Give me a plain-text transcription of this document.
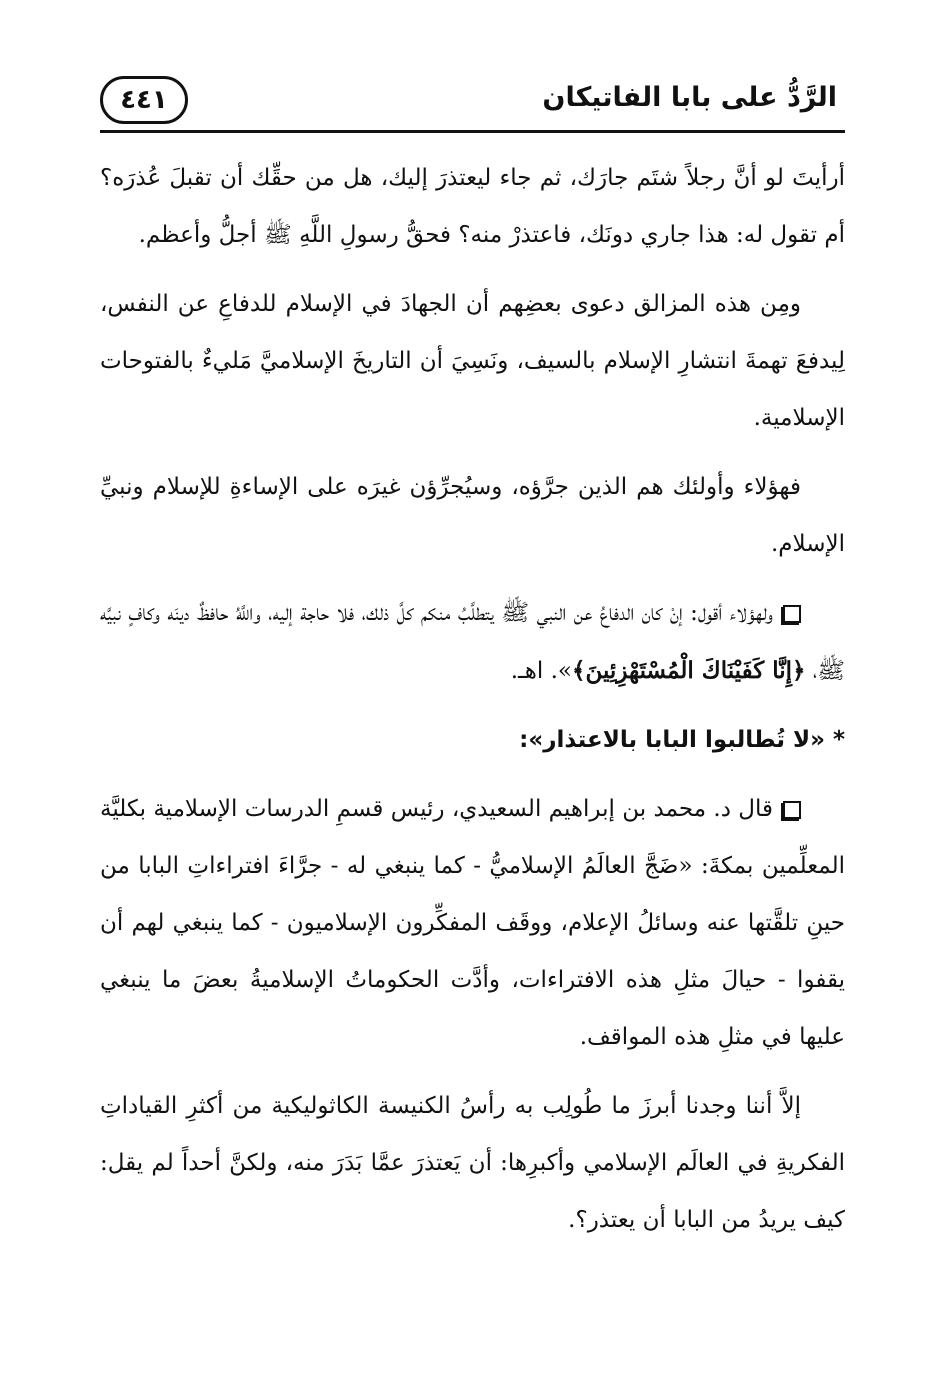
٤٤١	الرَّدُّ على بابا الفاتيكان

أرأيتَ لو أنَّ رجلاً شتَم جارَك، ثم جاء ليعتذرَ إليك، هل من حقِّك أن تقبلَ عُذرَه؟ أم تقول له: هذا جاري دونَك، فاعتذرْ منه؟ فحقُّ رسولِ اللَّهِ ﷺ أجلُّ وأعظم.

ومِن هذه المزالق دعوى بعضِهم أن الجهادَ في الإسلام للدفاعِ عن النفس، لِيدفعَ تهمةَ انتشارِ الإسلام بالسيف، ونَسِيَ أن التاريخَ الإسلاميَّ مَليءٌ بالفتوحات الإسلامية.

فهؤلاء وأولئك هم الذين جرَّؤه، وسيُجرِّؤن غيرَه على الإساءةِ للإسلام ونبيِّ الإسلام.

ولهؤلاء أقول: إنْ كان الدفاعُ عن النبي ﷺ يتطلَّبُ منكم كلَّ ذلك، فلا حاجة إليه، واللَّهُ حافظٌ دينَه وكافٍ نبيَّه ﷺ، ﴿إِنَّا كَفَيْنَاكَ الْمُسْتَهْزِئِينَ﴾». اهـ.

* «لا تُطالبوا البابا بالاعتذار»:

قال د. محمد بن إبراهيم السعيدي، رئيس قسمِ الدرسات الإسلامية بكليَّة المعلِّمين بمكةَ: «ضَجَّ العالَمُ الإسلاميُّ - كما ينبغي له - جرَّاءَ افتراءاتِ البابا من حينِ تلقَّتها عنه وسائلُ الإعلام، ووقَف المفكِّرون الإسلاميون - كما ينبغي لهم أن يقفوا - حيالَ مثلِ هذه الافتراءات، وأدَّت الحكوماتُ الإسلاميةُ بعضَ ما ينبغي عليها في مثلِ هذه المواقف.

إلاَّ أننا وجدنا أبرزَ ما طُولِب به رأسُ الكنيسة الكاثوليكية من أكثرِ القياداتِ الفكريةِ في العالَم الإسلامي وأكبرِها: أن يَعتذرَ عمَّا بَدَرَ منه، ولكنَّ أحداً لم يقل: كيف يريدُ من البابا أن يعتذر؟.
